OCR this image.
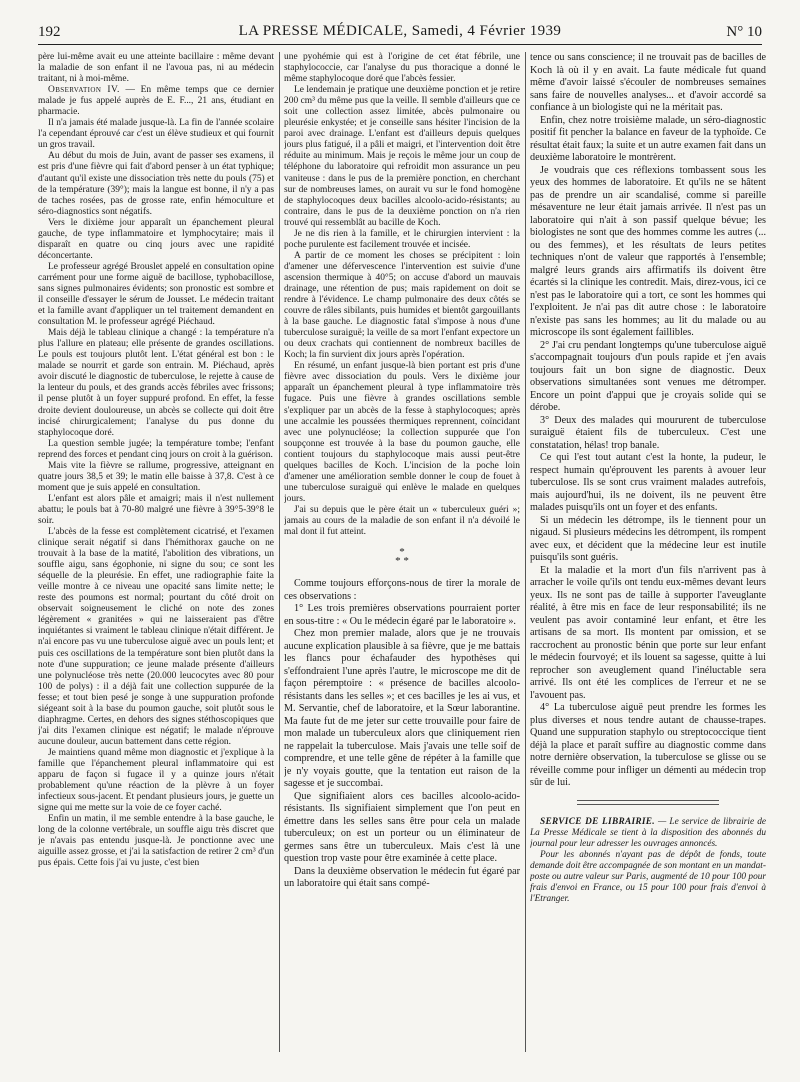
192	LA PRESSE MÉDICALE, Samedi, 4 Février 1939	N° 10

père lui-même avait eu une atteinte bacillaire : même devant la maladie de son enfant il ne l'avoua pas, ni au médecin traitant, ni à moi-même.

Observation IV. — En même temps que ce dernier malade je fus appelé auprès de E. F..., 21 ans, étudiant en pharmacie.

Il n'a jamais été malade jusque-là. La fin de l'année scolaire l'a cependant éprouvé car c'est un élève studieux et qui fournit un gros travail.

Au début du mois de Juin, avant de passer ses examens, il est pris d'une fièvre qui fait d'abord penser à un état typhique; d'autant qu'il existe une dissociation très nette du pouls (75) et de la température (39°); mais la langue est bonne, il n'y a pas de taches rosées, pas de grosse rate, enfin hémoculture et séro-diagnostics sont négatifs.

Vers le dixième jour apparaît un épanchement pleural gauche, de type inflammatoire et lymphocytaire; mais il disparaît en quatre ou cinq jours avec une rapidité déconcertante.

Le professeur agrégé Brouslet appelé en consultation opine carrément pour une forme aiguë de bacillose, typhobacillose, sans signes pulmonaires évidents; son pronostic est sombre et il conseille d'essayer le sérum de Jousset. Le médecin traitant et la famille avant d'appliquer un tel traitement demandent en consultation M. le professeur agrégé Piéchaud.

Mais déjà le tableau clinique a changé : la température n'a plus l'allure en plateau; elle présente de grandes oscillations. Le pouls est toujours plutôt lent. L'état général est bon : le malade se nourrit et garde son entrain. M. Piéchaud, après avoir discuté le diagnostic de tuberculose, le rejette à cause de la lenteur du pouls, et des grands accès fébriles avec frissons; il pense plutôt à un foyer suppuré profond. En effet, la fesse droite devient douloureuse, un abcès se collecte qui doit être incisé chirurgicalement; l'analyse du pus donne du staphylocoque doré.

La question semble jugée; la température tombe; l'enfant reprend des forces et pendant cinq jours on croit à la guérison.

Mais vite la fièvre se rallume, progressive, atteignant en quatre jours 38,5 et 39; le matin elle baisse à 37,8. C'est à ce moment que je suis appelé en consultation.

L'enfant est alors pâle et amaigri; mais il n'est nullement abattu; le pouls bat à 70-80 malgré une fièvre à 39°5-39°8 le soir.

L'abcès de la fesse est complètement cicatrisé, et l'examen clinique serait négatif si dans l'hémithorax gauche on ne trouvait à la base de la matité, l'abolition des vibrations, un souffle aigu, sans égophonie, ni signe du sou; ce sont les séquelle de la pleurésie. En effet, une radiographie faite la veille montre à ce niveau une opacité sans limite nette; le reste des poumons est normal; pourtant du côté droit on observait soigneusement le cliché on note des zones légèrement « granitées » qui ne laisseraient pas d'être inquiétantes si vraiment le tableau clinique n'était différent. Je n'ai encore pas vu une tuberculose aiguë avec un pouls lent; et puis ces oscillations de la température sont bien plutôt dans la note d'une suppuration; ce jeune malade présente d'ailleurs une polynucléose très nette (20.000 leucocytes avec 80 pour 100 de polys) : il a déjà fait une collection suppurée de la fesse; et tout bien pesé je songe à une suppuration profonde siégeant soit à la base du poumon gauche, soit plutôt sous le diaphragme. Certes, en dehors des signes stéthoscopiques que j'ai dits l'examen clinique est négatif; le malade n'éprouve aucune douleur, aucun battement dans cette région.

Je maintiens quand même mon diagnostic et j'explique à la famille que l'épanchement pleural inflammatoire qui est apparu de façon si fugace il y a quinze jours n'était probablement qu'une réaction de la plèvre à un foyer infectieux sous-jacent. Et pendant plusieurs jours, je guette un signe qui me mette sur la voie de ce foyer caché.

Enfin un matin, il me semble entendre à la base gauche, le long de la colonne vertébrale, un souffle aigu très discret que je n'avais pas entendu jusque-là. Je ponctionne avec une aiguille assez grosse, et j'ai la satisfaction de retirer 2 cm³ d'un pus épais. Cette fois j'ai vu juste, c'est bien

une pyohémie qui est à l'origine de cet état fébrile, une staphylococcie, car l'analyse du pus thoracique a donné le même staphylocoque doré que l'abcès fessier.

Le lendemain je pratique une deuxième ponction et je retire 200 cm³ du même pus que la veille. Il semble d'ailleurs que ce soit une collection assez limitée, abcès pulmonaire ou pleurésie enkystée; et je conseille sans hésiter l'incision de la paroi avec drainage. L'enfant est d'ailleurs depuis quelques jours plus fatigué, il a pâli et maigri, et l'intervention doit être réduite au minimum. Mais je reçois le même jour un coup de téléphone du laboratoire qui refroidit mon assurance un peu vaniteuse : dans le pus de la première ponction, en cherchant sur de nombreuses lames, on aurait vu sur le fond homogène de staphylocoques deux bacilles alcoolo-acido-résistants; au contraire, dans le pus de la deuxième ponction on n'a rien trouvé qui ressemblât au bacille de Koch.

Je ne dis rien à la famille, et le chirurgien intervient : la poche purulente est facilement trouvée et incisée.

A partir de ce moment les choses se précipitent : loin d'amener une défervescence l'intervention est suivie d'une ascension thermique à 40°5; on accuse d'abord un mauvais drainage, une rétention de pus; mais rapidement on doit se rendre à l'évidence. Le champ pulmonaire des deux côtés se couvre de râles sibilants, puis humides et bientôt gargouillants à la base gauche. Le diagnostic fatal s'impose à nous d'une tuberculose suraiguë; la veille de sa mort l'enfant expectore un ou deux crachats qui contiennent de nombreux bacilles de Koch; la fin survient dix jours après l'opération.

En résumé, un enfant jusque-là bien portant est pris d'une fièvre avec dissociation du pouls. Vers le dixième jour apparaît un épanchement pleural à type inflammatoire très fugace. Puis une fièvre à grandes oscillations semble s'expliquer par un abcès de la fesse à staphylocoques; après une accalmie les poussées thermiques reprennent, coïncidant avec une polynucléose; la collection suppurée que l'on soupçonne est trouvée à la base du poumon gauche, elle contient toujours du staphylocoque mais aussi peut-être quelques bacilles de Koch. L'incision de la poche loin d'amener une amélioration semble donner le coup de fouet à une tuberculose suraiguë qui enlève le malade en quelques jours.

J'ai su depuis que le père était un « tuberculeux guéri »; jamais au cours de la maladie de son enfant il n'a dévoilé le mal dont il fut atteint.

*
* *

Comme toujours efforçons-nous de tirer la morale de ces observations :

1° Les trois premières observations pourraient porter en sous-titre : « Ou le médecin égaré par le laboratoire ».

Chez mon premier malade, alors que je ne trouvais aucune explication plausible à sa fièvre, que je me battais les flancs pour échafauder des hypothèses qui s'effondraient l'une après l'autre, le microscope me dit de façon péremptoire : « présence de bacilles alcoolo-résistants dans les selles »; et ces bacilles je les ai vus, et M. Servantie, chef de laboratoire, et la Sœur laborantine. Ma faute fut de me jeter sur cette trouvaille pour faire de mon malade un tuberculeux alors que cliniquement rien ne rappelait la tuberculose. Mais j'avais une telle soif de comprendre, et une telle gêne de répéter à la famille que je n'y voyais goutte, que la tentation eut raison de la sagesse et je succombai.

Que signifiaient alors ces bacilles alcoolo-acido-résistants. Ils signifiaient simplement que l'on peut en émettre dans les selles sans être pour cela un malade tuberculeux; on est un porteur ou un éliminateur de germes sans être un tuberculeux. Mais c'est là une question trop vaste pour être examinée à cette place.

Dans la deuxième observation le médecin fut égaré par un laboratoire qui était sans compé-

tence ou sans conscience; il ne trouvait pas de bacilles de Koch là où il y en avait. La faute médicale fut quand même d'avoir laissé s'écouler de nombreuses semaines sans faire de nouvelles analyses... et d'avoir accordé sa confiance à un biologiste qui ne la méritait pas.

Enfin, chez notre troisième malade, un séro-diagnostic positif fit pencher la balance en faveur de la typhoïde. Ce résultat était faux; la suite et un autre examen fait dans un deuxième laboratoire le montrèrent.

Je voudrais que ces réflexions tombassent sous les yeux des hommes de laboratoire. Et qu'ils ne se hâtent pas de prendre un air scandalisé, comme si pareille mésaventure ne leur était jamais arrivée. Il n'est pas un laboratoire qui n'ait à son passif quelque bévue; les biologistes ne sont que des hommes comme les autres (... ou des femmes), et les résultats de leurs petites techniques n'ont de valeur que rapportés à l'ensemble; malgré leurs grands airs affirmatifs ils doivent être écartés si la clinique les contredit. Mais, direz-vous, ici ce n'est pas le laboratoire qui a tort, ce sont les hommes qui l'exploitent. Je n'ai pas dit autre chose : le laboratoire n'existe pas sans les hommes; au lit du malade ou au microscope ils sont également faillibles.

2° J'ai cru pendant longtemps qu'une tuberculose aiguë s'accompagnait toujours d'un pouls rapide et j'en avais toujours fait un bon signe de diagnostic. Deux observations simultanées sont venues me détromper. Encore un point d'appui que je croyais solide qui se dérobe.

3° Deux des malades qui moururent de tuberculose suraiguë étaient fils de tuberculeux. C'est une constatation, hélas! trop banale.

Ce qui l'est tout autant c'est la honte, la pudeur, le respect humain qu'éprouvent les parents à avouer leur tuberculose. Ils se sont crus vraiment malades autrefois, mais aujourd'hui, ils ne doivent, ils ne peuvent être malades puisqu'ils ont un foyer et des enfants.

Si un médecin les détrompe, ils le tiennent pour un nigaud. Si plusieurs médecins les détrompent, ils rompent avec eux, et décident que la médecine leur est inutile puisqu'ils sont guéris.

Et la maladie et la mort d'un fils n'arrivent pas à arracher le voile qu'ils ont tendu eux-mêmes devant leurs yeux. Ils ne sont pas de taille à supporter l'aveuglante réalité, à être mis en face de leur responsabilité; ils ne veulent pas avoir contaminé leur enfant, et être les artisans de sa mort. Ils montent par omission, et se raccrochent au pronostic bénin que porte sur leur enfant le médecin fourvoyé; et ils louent sa sagesse, quitte à lui reprocher son aveuglement quand l'inéluctable sera arrivé. Ils ont été les complices de l'erreur et ne se l'avouent pas.

4° La tuberculose aiguë peut prendre les formes les plus diverses et nous tendre autant de chausse-trapes. Quand une suppuration staphylo ou streptococcique tient déjà la place et paraît suffire au diagnostic comme dans notre dernière observation, la tuberculose se glisse ou se réveille comme pour infliger un démenti au médecin trop sûr de lui.

SERVICE DE LIBRAIRIE. — Le service de librairie de La Presse Médicale se tient à la disposition des abonnés du journal pour leur adresser les ouvrages annoncés.

Pour les abonnés n'ayant pas de dépôt de fonds, toute demande doit être accompagnée de son montant en un mandat-poste ou autre valeur sur Paris, augmenté de 10 pour 100 pour frais d'envoi en France, ou 15 pour 100 pour frais d'envoi à l'Etranger.
